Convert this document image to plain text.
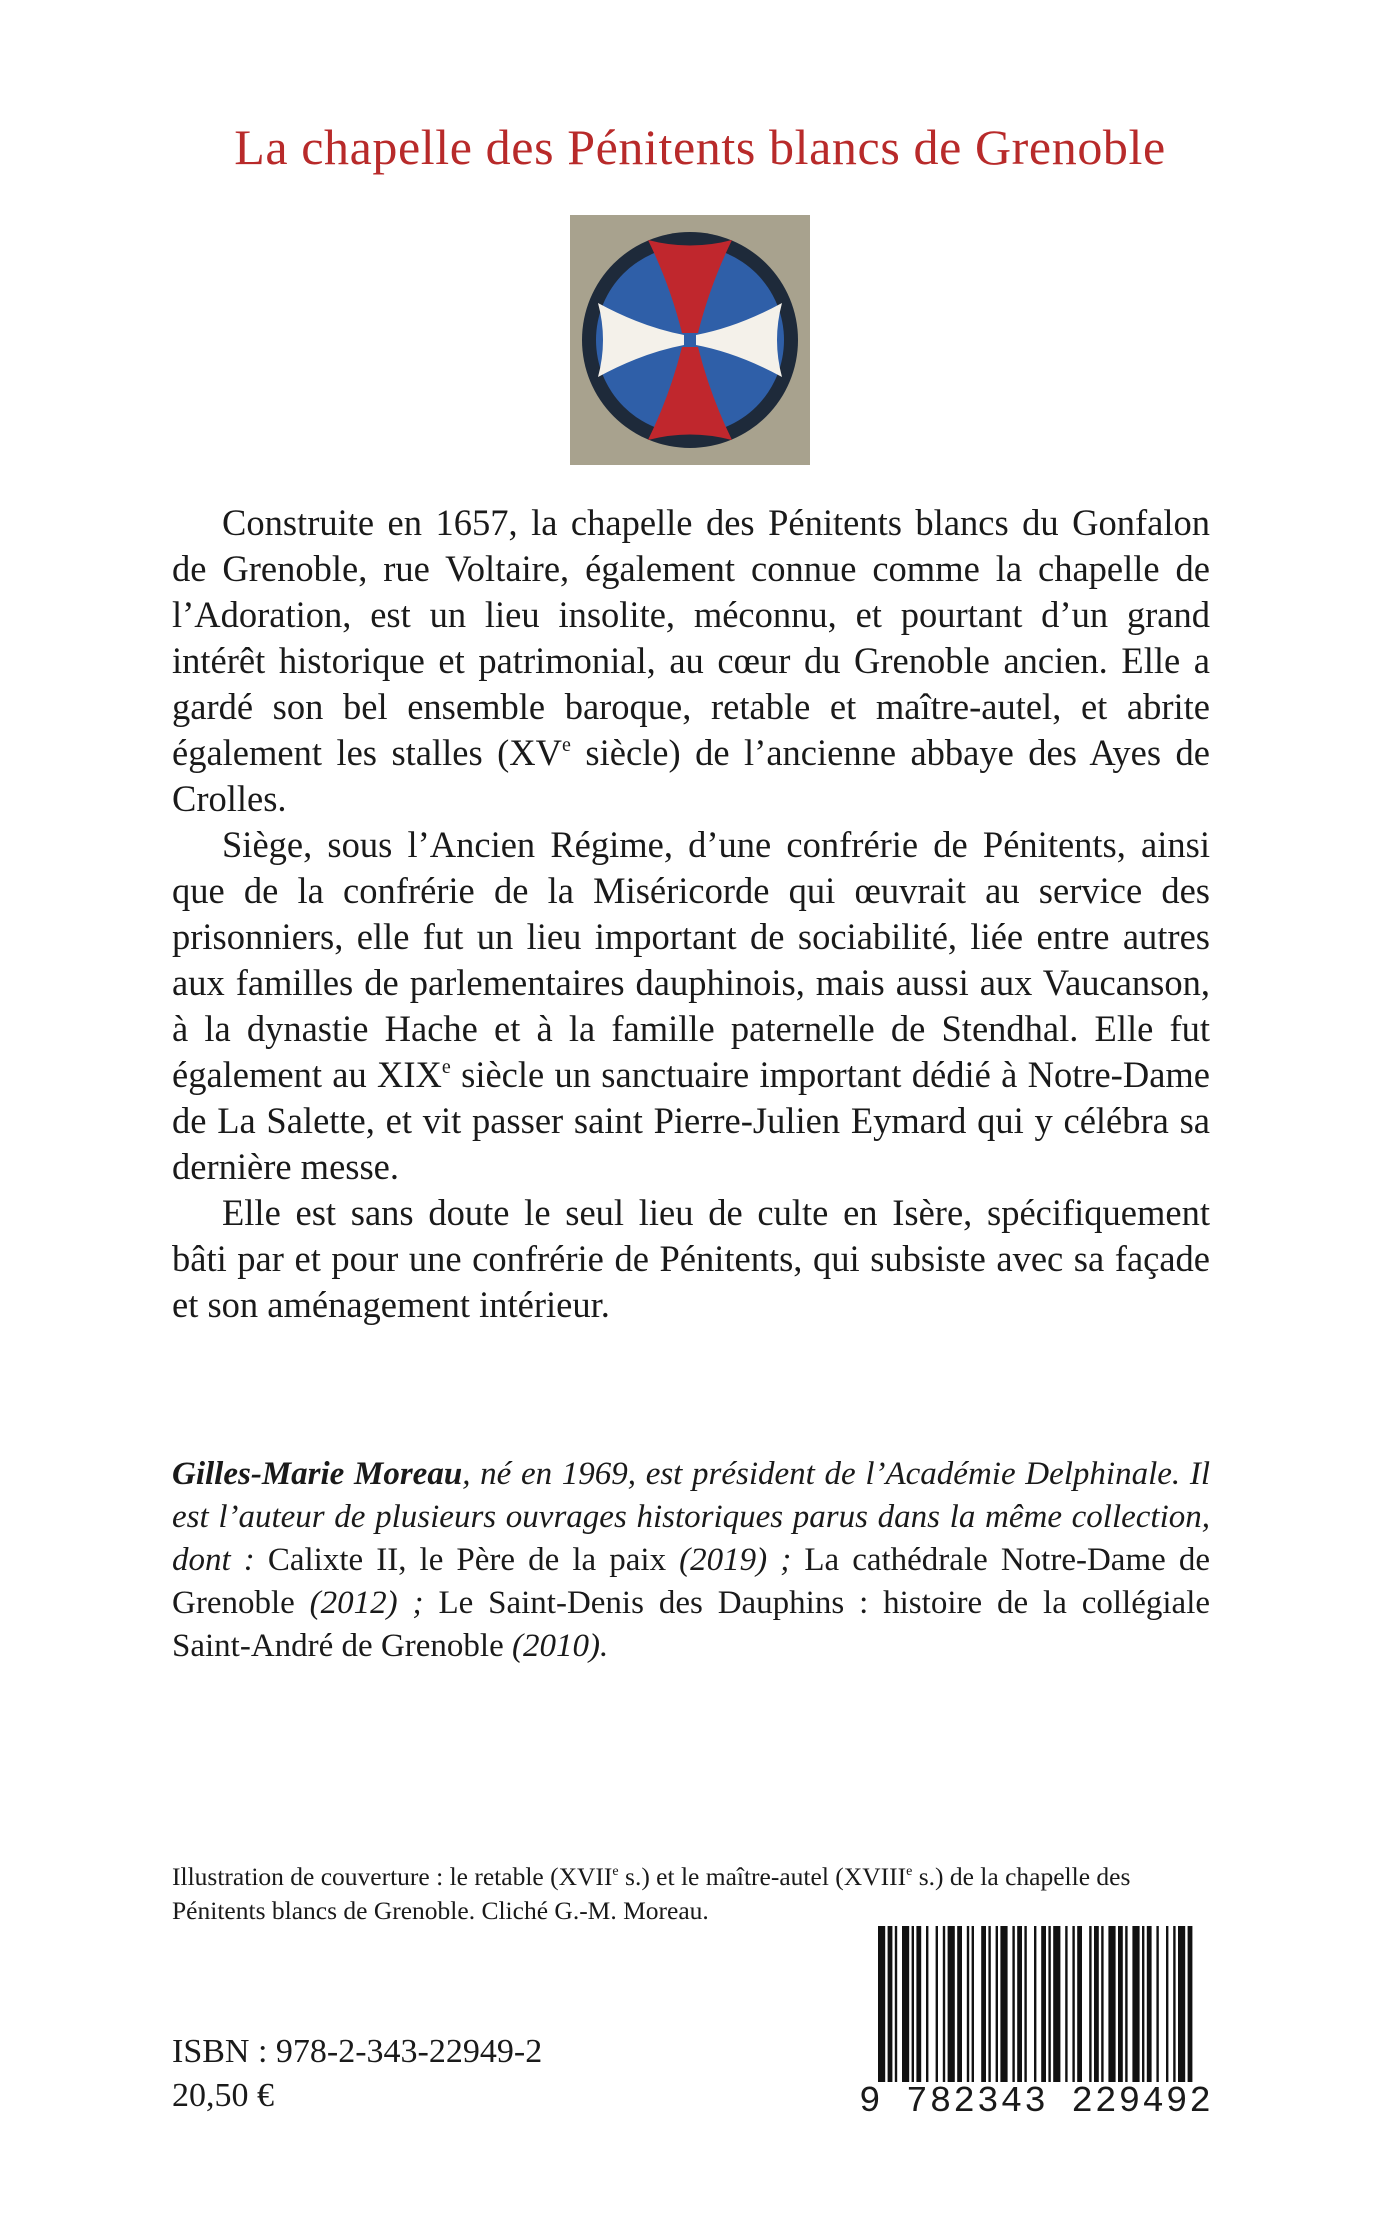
La chapelle des Pénitents blancs de Grenoble

Construite en 1657, la chapelle des Pénitents blancs du Gonfalon de Grenoble, rue Voltaire, également connue comme la chapelle de l’Adoration, est un lieu insolite, méconnu, et pourtant d’un grand intérêt historique et patrimonial, au cœur du Grenoble ancien. Elle a gardé son bel ensemble baroque, retable et maître-autel, et abrite également les stalles (XVe siècle) de l’ancienne abbaye des Ayes de Crolles.

Siège, sous l’Ancien Régime, d’une confrérie de Pénitents, ainsi que de la confrérie de la Miséricorde qui œuvrait au service des prisonniers, elle fut un lieu important de sociabilité, liée entre autres aux familles de parlementaires dauphinois, mais aussi aux Vaucanson, à la dynastie Hache et à la famille paternelle de Stendhal. Elle fut également au XIXe siècle un sanctuaire important dédié à Notre-Dame de La Salette, et vit passer saint Pierre-Julien Eymard qui y célébra sa dernière messe.

Elle est sans doute le seul lieu de culte en Isère, spécifiquement bâti par et pour une confrérie de Pénitents, qui subsiste avec sa façade et son aménagement intérieur.

Gilles-Marie Moreau, né en 1969, est président de l’Académie Delphinale. Il est l’auteur de plusieurs ouvrages historiques parus dans la même collection, dont : Calixte II, le Père de la paix (2019) ; La cathédrale Notre-Dame de Grenoble (2012) ; Le Saint-Denis des Dauphins : histoire de la collégiale Saint-André de Grenoble (2010).

Illustration de couverture : le retable (XVIIe s.) et le maître-autel (XVIIIe s.) de la chapelle des Pénitents blancs de Grenoble. Cliché G.-M. Moreau.

ISBN : 978-2-343-22949-2

20,50 €	9 782343 229492
